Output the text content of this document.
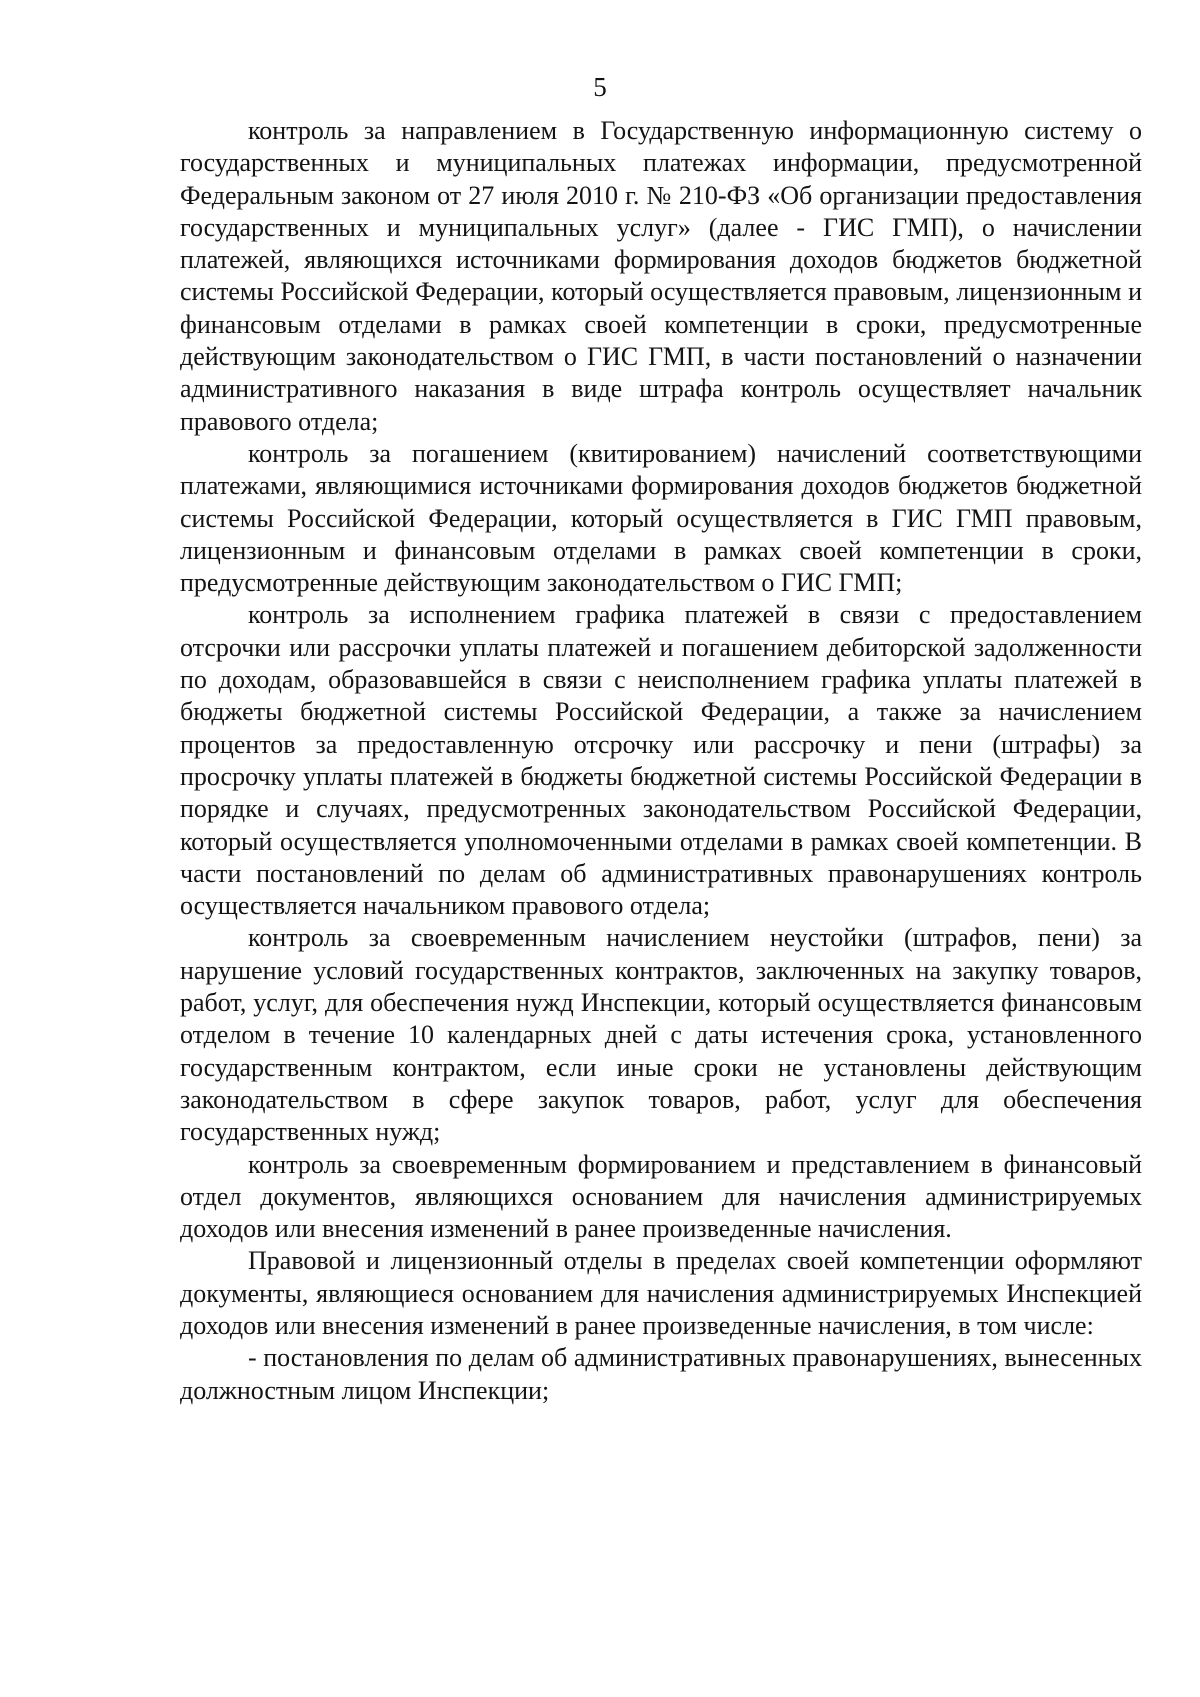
5

контроль за направлением в Государственную информационную систему о государственных и муниципальных платежах информации, предусмотренной Федеральным законом от 27 июля 2010 г. № 210-ФЗ «Об организации предоставления государственных и муниципальных услуг» (далее - ГИС ГМП), о начислении платежей, являющихся источниками формирования доходов бюджетов бюджетной системы Российской Федерации, который осуществляется правовым, лицензионным и финансовым отделами в рамках своей компетенции в сроки, предусмотренные действующим законодательством о ГИС ГМП, в части постановлений о назначении административного наказания в виде штрафа контроль осуществляет начальник правового отдела;

контроль за погашением (квитированием) начислений соответствующими платежами, являющимися источниками формирования доходов бюджетов бюджетной системы Российской Федерации, который осуществляется в ГИС ГМП правовым, лицензионным и финансовым отделами в рамках своей компетенции в сроки, предусмотренные действующим законодательством о ГИС ГМП;

контроль за исполнением графика платежей в связи с предоставлением отсрочки или рассрочки уплаты платежей и погашением дебиторской задолженности по доходам, образовавшейся в связи с неисполнением графика уплаты платежей в бюджеты бюджетной системы Российской Федерации, а также за начислением процентов за предоставленную отсрочку или рассрочку и пени (штрафы) за просрочку уплаты платежей в бюджеты бюджетной системы Российской Федерации в порядке и случаях, предусмотренных законодательством Российской Федерации, который осуществляется уполномоченными отделами в рамках своей компетенции. В части постановлений по делам об административных правонарушениях контроль осуществляется начальником правового отдела;

контроль за своевременным начислением неустойки (штрафов, пени) за нарушение условий государственных контрактов, заключенных на закупку товаров, работ, услуг, для обеспечения нужд Инспекции, который осуществляется финансовым отделом в течение 10 календарных дней с даты истечения срока, установленного государственным контрактом, если иные сроки не установлены действующим законодательством в сфере закупок товаров, работ, услуг для обеспечения государственных нужд;

контроль за своевременным формированием и представлением в финансовый отдел документов, являющихся основанием для начисления администрируемых доходов или внесения изменений в ранее произведенные начисления.

Правовой и лицензионный отделы в пределах своей компетенции оформляют документы, являющиеся основанием для начисления администрируемых Инспекцией доходов или внесения изменений в ранее произведенные начисления, в том числе:

- постановления по делам об административных правонарушениях, вынесенных должностным лицом Инспекции;
